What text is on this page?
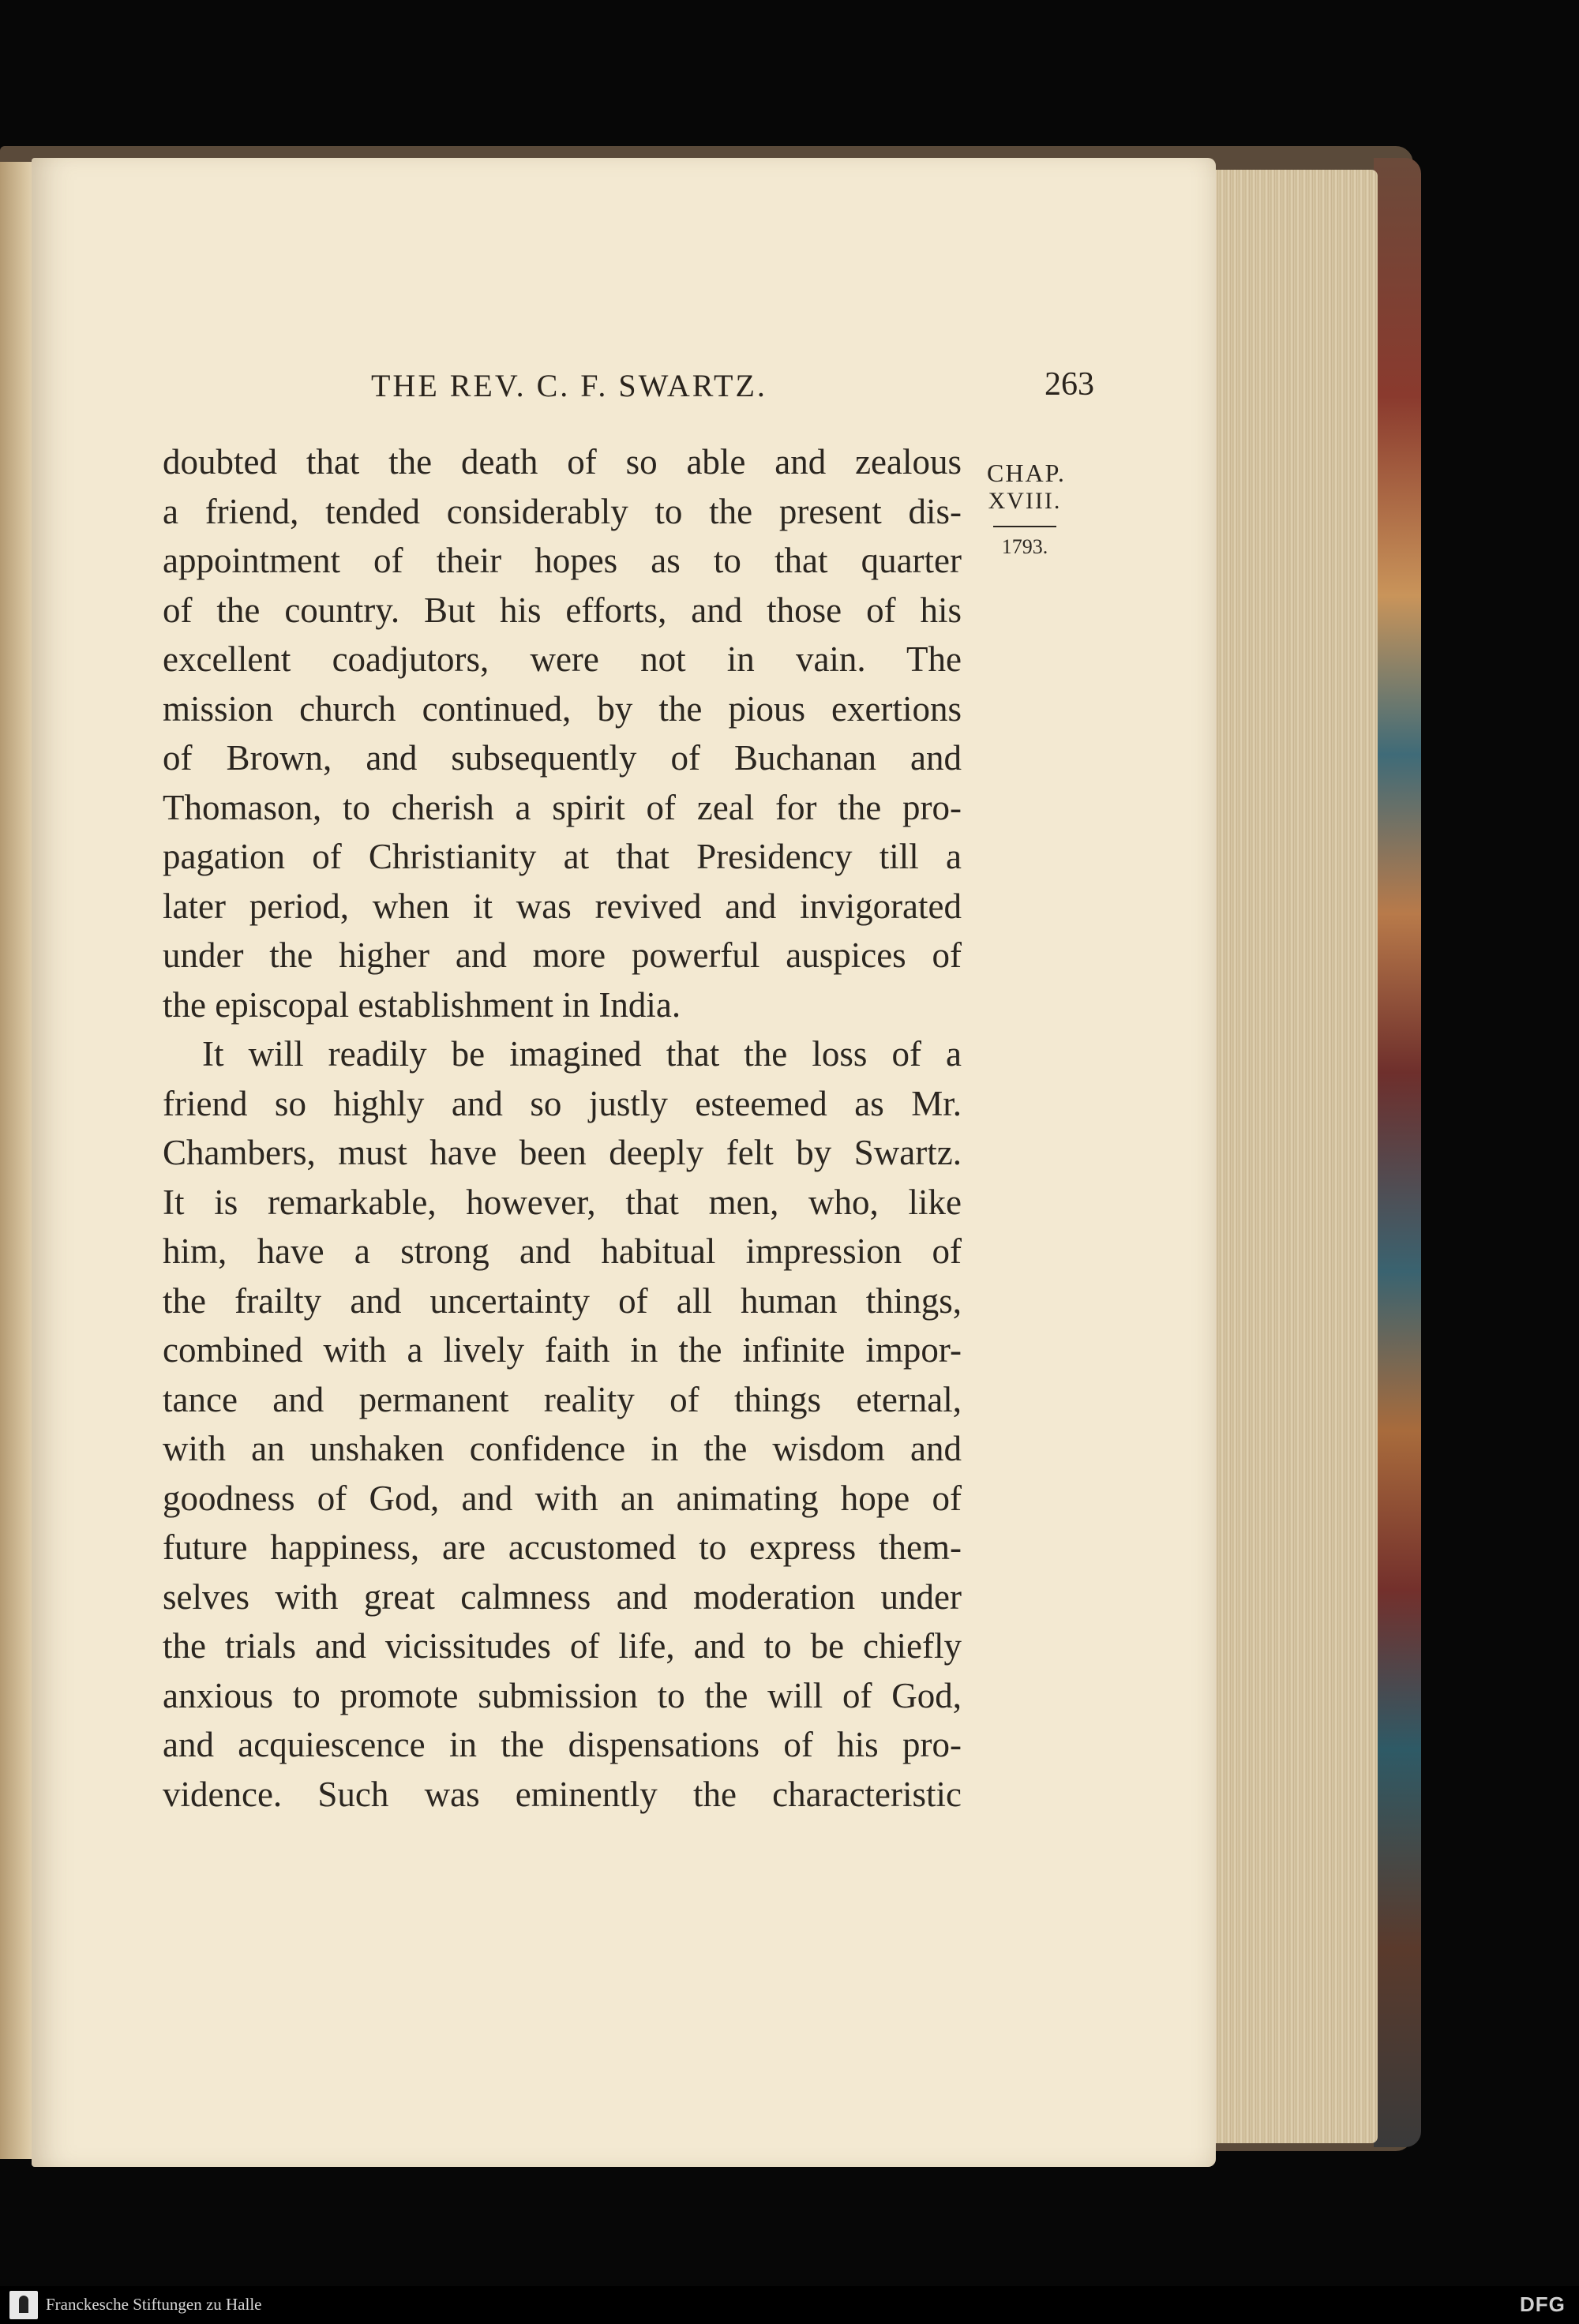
THE REV. C. F. SWARTZ.	263
CHAP.
XVIII.
1793.
doubted that the death of so able and zealous
a friend, tended considerably to the present dis-
appointment of their hopes as to that quarter
of the country. But his efforts, and those of his
excellent coadjutors, were not in vain. The
mission church continued, by the pious exertions
of Brown, and subsequently of Buchanan and
Thomason, to cherish a spirit of zeal for the pro-
pagation of Christianity at that Presidency till a
later period, when it was revived and invigorated
under the higher and more powerful auspices of
the episcopal establishment in India.
It will readily be imagined that the loss of a
friend so highly and so justly esteemed as Mr.
Chambers, must have been deeply felt by Swartz.
It is remarkable, however, that men, who, like
him, have a strong and habitual impression of
the frailty and uncertainty of all human things,
combined with a lively faith in the infinite impor-
tance and permanent reality of things eternal,
with an unshaken confidence in the wisdom and
goodness of God, and with an animating hope of
future happiness, are accustomed to express them-
selves with great calmness and moderation under
the trials and vicissitudes of life, and to be chiefly
anxious to promote submission to the will of God,
and acquiescence in the dispensations of his pro-
vidence. Such was eminently the characteristic
Franckesche Stiftungen zu Halle	DFG
